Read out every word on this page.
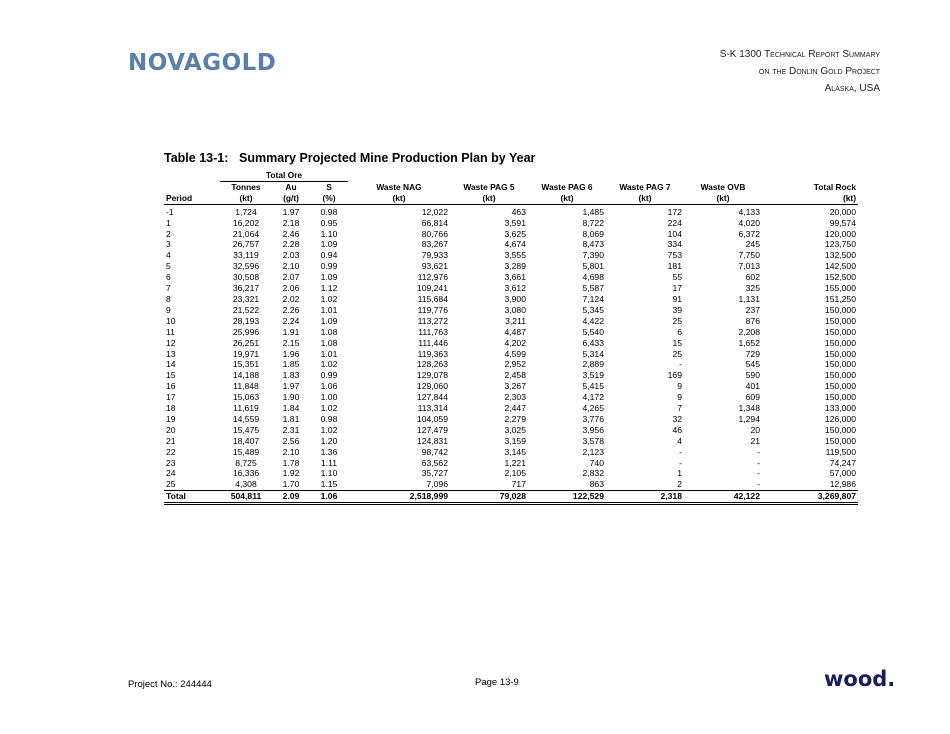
NOVAGOLD	S-K 1300 Technical Report Summary
on the Donlin Gold Project
Alaska, USA
Table 13-1: Summary Projected Mine Production Plan by Year
	Total Ore								
	Tonnes	Au	S	Waste NAG	Waste PAG 5	Waste PAG 6	Waste PAG 7	Waste OVB	Total Rock
Period	(kt)	(g/t)	(%)	(kt)	(kt)	(kt)	(kt)	(kt)	(kt)
-1	1,724	1.97	0.98	12,022	463	1,485	172	4,133	20,000
1	16,202	2.18	0.95	66,814	3,591	8,722	224	4,020	99,574
2	21,064	2.46	1.10	80,766	3,625	8,069	104	6,372	120,000
3	26,757	2.28	1.09	83,267	4,674	8,473	334	245	123,750
4	33,119	2.03	0.94	79,933	3,555	7,390	753	7,750	132,500
5	32,596	2.10	0.99	93,621	3,289	5,801	181	7,013	142,500
6	30,508	2.07	1.09	112,976	3,661	4,698	55	602	152,500
7	36,217	2.06	1.12	109,241	3,612	5,587	17	325	155,000
8	23,321	2.02	1.02	115,684	3,900	7,124	91	1,131	151,250
9	21,522	2.26	1.01	119,776	3,080	5,345	39	237	150,000
10	28,193	2.24	1.09	113,272	3,211	4,422	25	876	150,000
11	25,996	1.91	1.08	111,763	4,487	5,540	6	2,208	150,000
12	26,251	2.15	1.08	111,446	4,202	6,433	15	1,652	150,000
13	19,971	1.96	1.01	119,363	4,599	5,314	25	729	150,000
14	15,351	1.85	1.02	128,263	2,952	2,889	-	545	150,000
15	14,188	1.83	0.99	129,078	2,458	3,519	169	590	150,000
16	11,848	1.97	1.06	129,060	3,267	5,415	9	401	150,000
17	15,063	1.90	1.00	127,844	2,303	4,172	9	609	150,000
18	11,619	1.84	1.02	113,314	2,447	4,265	7	1,348	133,000
19	14,559	1.81	0.98	104,059	2,279	3,776	32	1,294	126,000
20	15,475	2.31	1.02	127,479	3,025	3,956	46	20	150,000
21	18,407	2.56	1.20	124,831	3,159	3,578	4	21	150,000
22	15,489	2.10	1.36	98,742	3,145	2,123	-	-	119,500
23	8,725	1.78	1.11	63,562	1,221	740	-	-	74,247
24	16,336	1.92	1.10	35,727	2,105	2,832	1	-	57,000
25	4,308	1.70	1.15	7,096	717	863	2	-	12,986
Total	504,811	2.09	1.06	2,518,999	79,028	122,529	2,318	42,122	3,269,807
Project No.: 244444	Page 13-9	wood.
